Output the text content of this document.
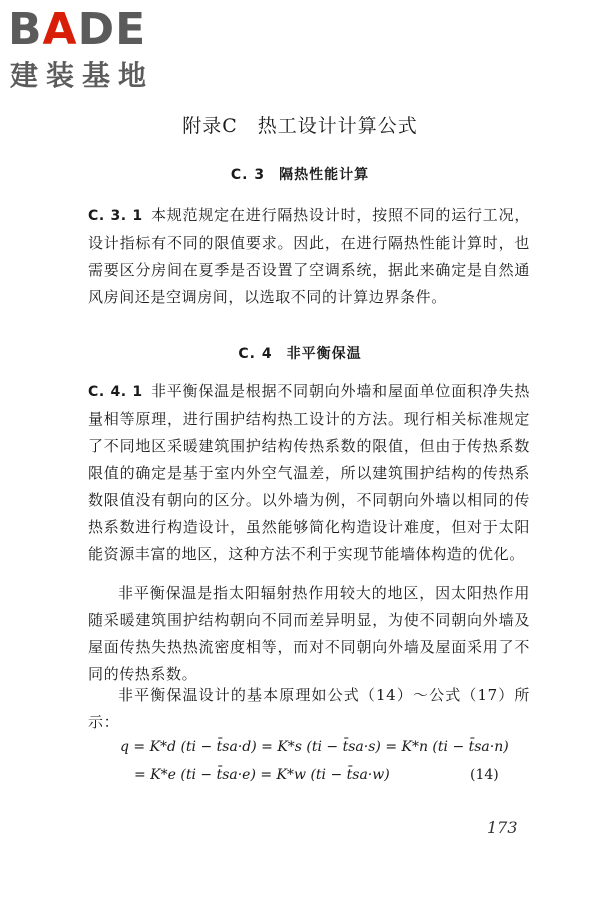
BADE
建装基地
附录C　热工设计计算公式
C. 3 隔热性能计算
C. 3. 1 本规范规定在进行隔热设计时，按照不同的运行工况，设计指标有不同的限值要求。因此，在进行隔热性能计算时，也需要区分房间在夏季是否设置了空调系统，据此来确定是自然通风房间还是空调房间，以选取不同的计算边界条件。
C. 4 非平衡保温
C. 4. 1 非平衡保温是根据不同朝向外墙和屋面单位面积净失热量相等原理，进行围护结构热工设计的方法。现行相关标准规定了不同地区采暖建筑围护结构传热系数的限值，但由于传热系数限值的确定是基于室内外空气温差，所以建筑围护结构的传热系数限值没有朝向的区分。以外墙为例，不同朝向外墙以相同的传热系数进行构造设计，虽然能够简化构造设计难度，但对于太阳能资源丰富的地区，这种方法不利于实现节能墙体构造的优化。
非平衡保温是指太阳辐射热作用较大的地区，因太阳热作用随采暖建筑围护结构朝向不同而差异明显，为使不同朝向外墙及屋面传热失热热流密度相等，而对不同朝向外墙及屋面采用了不同的传热系数。
非平衡保温设计的基本原理如公式（14）～公式（17）所示：
q = K*d (ti − t̄sa·d) = K*s (ti − t̄sa·s) = K*n (ti − t̄sa·n)
= K*e (ti − t̄sa·e) = K*w (ti − t̄sa·w)	(14)
173
